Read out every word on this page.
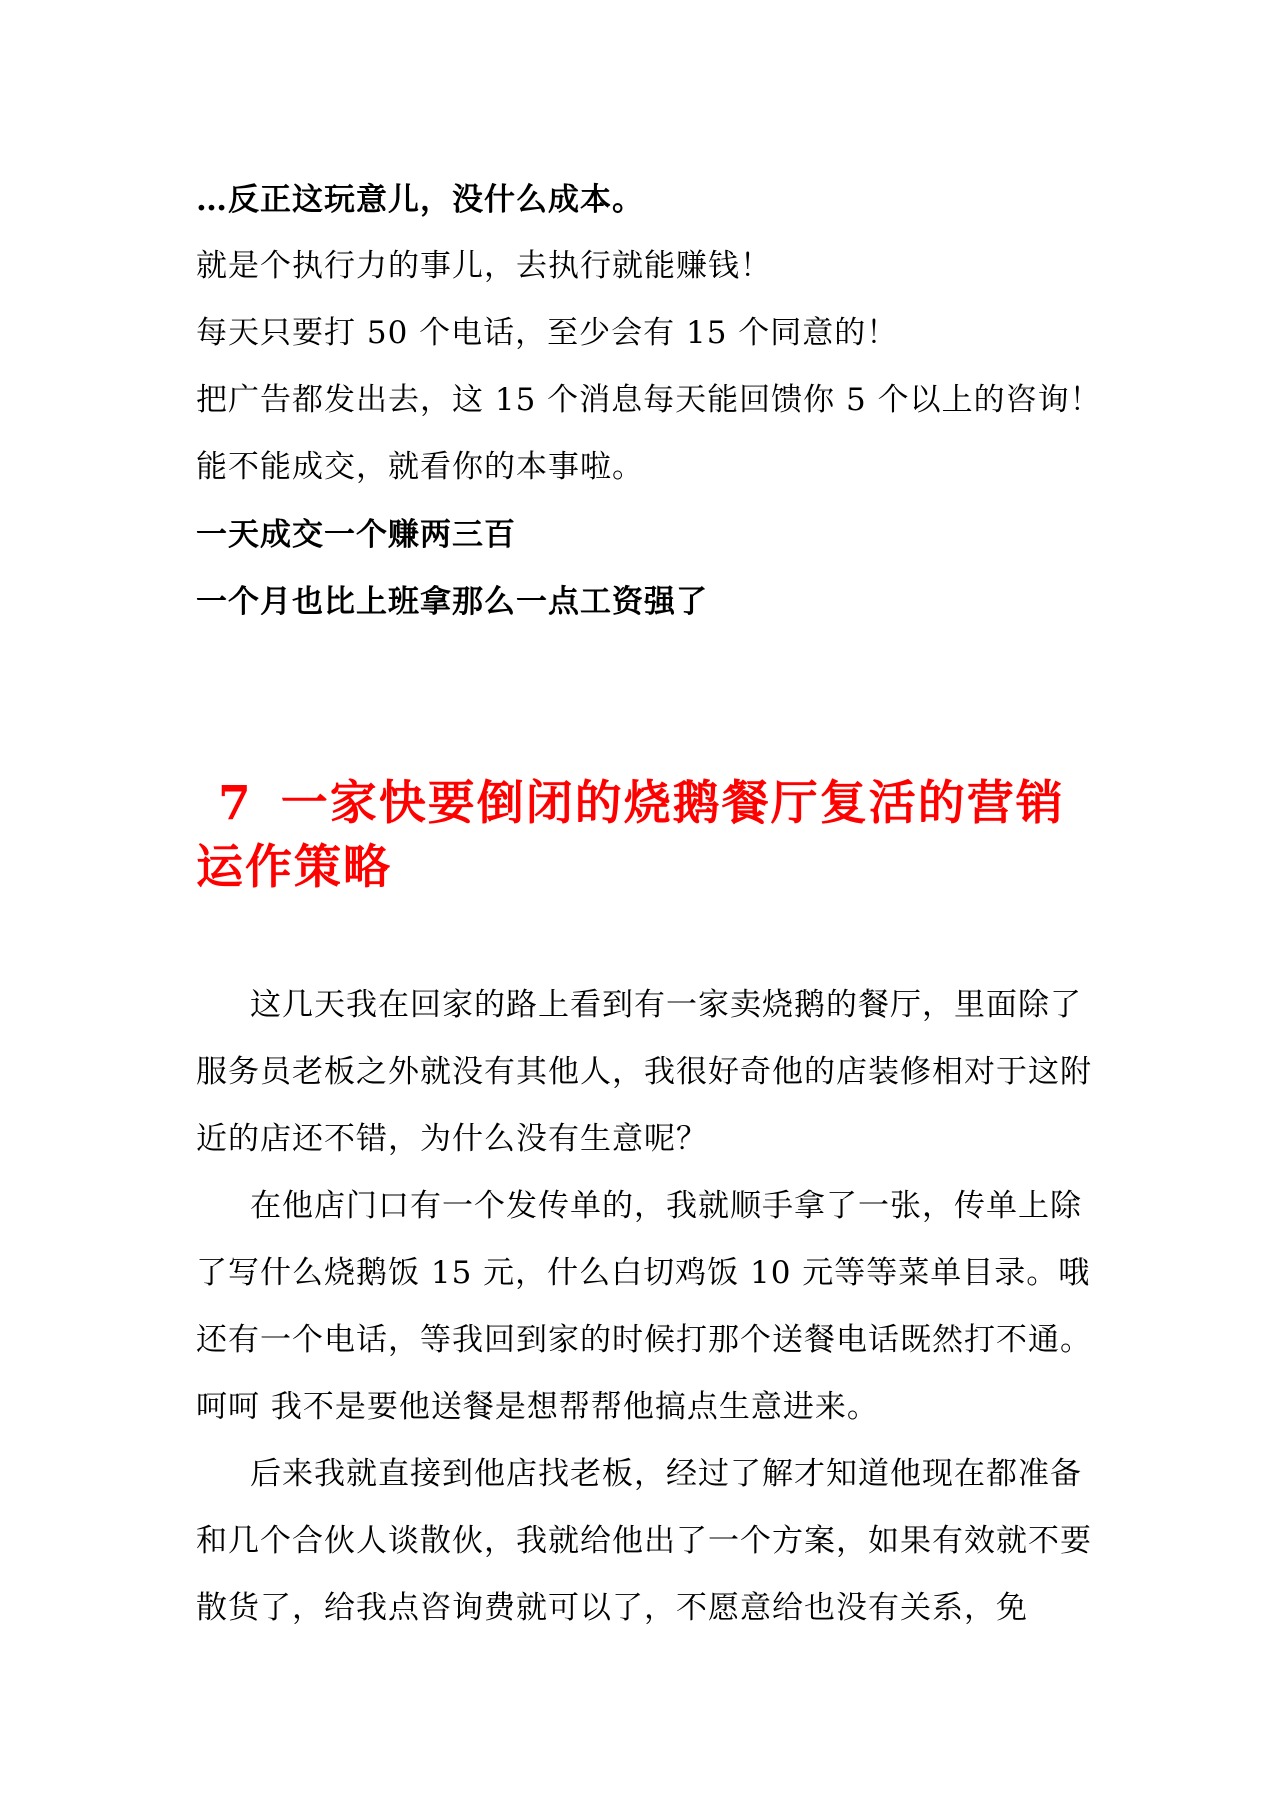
…反正这玩意儿，没什么成本。
就是个执行力的事儿，去执行就能赚钱！
每天只要打 50 个电话，至少会有 15 个同意的！
把广告都发出去，这 15 个消息每天能回馈你 5 个以上的咨询！
能不能成交，就看你的本事啦。
一天成交一个赚两三百
一个月也比上班拿那么一点工资强了
7 一家快要倒闭的烧鹅餐厅复活的营销运作策略
这几天我在回家的路上看到有一家卖烧鹅的餐厅，里面除了服务员老板之外就没有其他人，我很好奇他的店装修相对于这附近的店还不错，为什么没有生意呢？
在他店门口有一个发传单的，我就顺手拿了一张，传单上除了写什么烧鹅饭 15 元，什么白切鸡饭 10 元等等菜单目录。哦 还有一个电话，等我回到家的时候打那个送餐电话既然打不通。呵呵 我不是要他送餐是想帮帮他搞点生意进来。
后来我就直接到他店找老板，经过了解才知道他现在都准备和几个合伙人谈散伙，我就给他出了一个方案，如果有效就不要散货了，给我点咨询费就可以了，不愿意给也没有关系，免
